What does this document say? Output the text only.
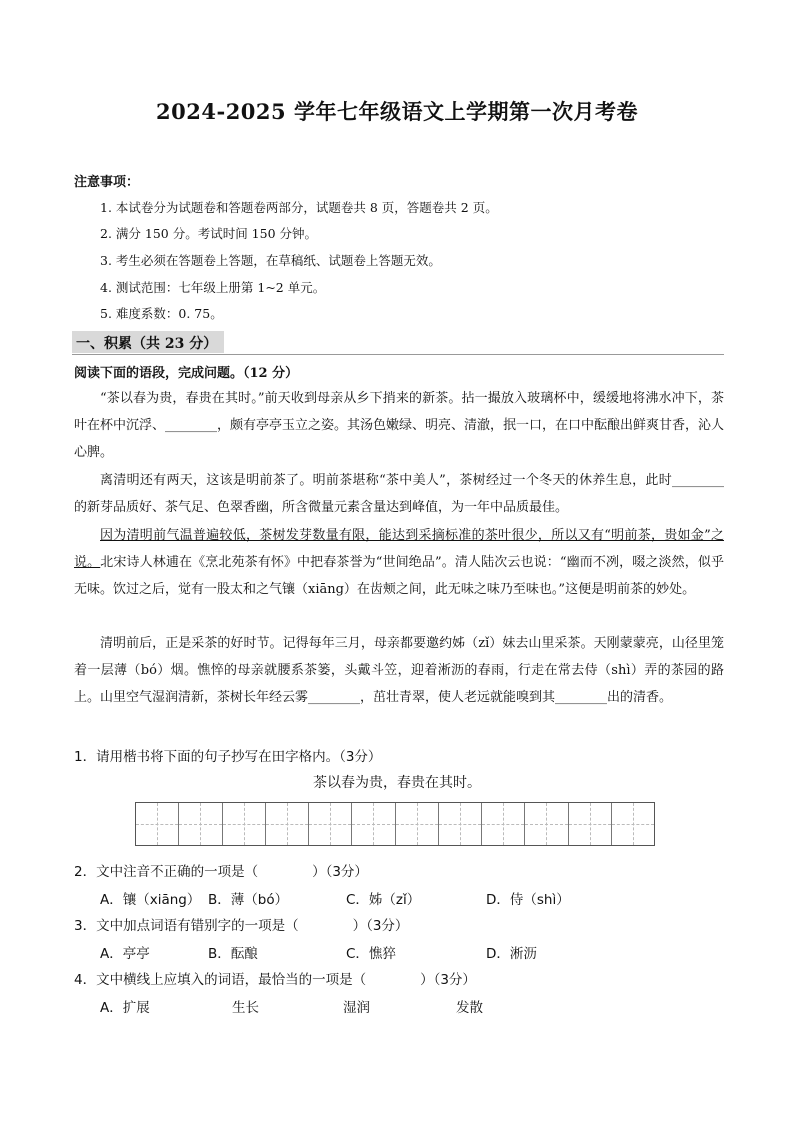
2024-2025 学年七年级语文上学期第一次月考卷
注意事项：
1. 本试卷分为试题卷和答题卷两部分，试题卷共 8 页，答题卷共 2 页。
2. 满分 150 分。考试时间 150 分钟。
3. 考生必须在答题卷上答题，在草稿纸、试题卷上答题无效。
4. 测试范围：七年级上册第 1~2 单元。
5. 难度系数：0. 75。
一、积累（共 23 分）
阅读下面的语段，完成问题。（12 分）
“茶以春为贵，春贵在其时。”前天收到母亲从乡下捎来的新茶。拈一撮放入玻璃杯中，缓缓地将沸水冲下，茶叶在杯中沉浮、________，颇有亭亭玉立之姿。其汤色嫩绿、明亮、清澈，抿一口，在口中酝酿出鲜爽甘香，沁人心脾。
离清明还有两天，这该是明前茶了。明前茶堪称“茶中美人”，茶树经过一个冬天的休养生息，此时________的新芽品质好、茶气足、色翠香幽，所含微量元素含量达到峰值，为一年中品质最佳。
因为清明前气温普遍较低，茶树发芽数量有限，能达到采摘标准的茶叶很少，所以又有“明前茶，贵如金”之说。北宋诗人林逋在《烹北苑茶有怀》中把春茶誉为“世间绝品”。清人陆次云也说：“幽而不冽，啜之淡然，似乎无味。饮过之后，觉有一股太和之气镶（xiāng）在齿颊之间，此无味之味乃至味也。”这便是明前茶的妙处。
清明前后，正是采茶的好时节。记得每年三月，母亲都要邀约姊（zǐ）妹去山里采茶。天刚蒙蒙亮，山径里笼着一层薄（bó）烟。憔悴的母亲就腰系茶篓，头戴斗笠，迎着淅沥的春雨，行走在常去侍（shì）弄的茶园的路上。山里空气湿润清新，茶树长年经云雾________，茁壮青翠，使人老远就能嗅到其________出的清香。
1．请用楷书将下面的句子抄写在田字格内。（3分）
茶以春为贵，春贵在其时。
2．文中注音不正确的一项是（　　　　）（3分）
A．镶（xiāng） B．薄（bó）	C．姊（zǐ）	D．侍（shì）
3．文中加点词语有错别字的一项是（　　　　）（3分）
A．亭亭	B．酝酿	C．憔猝	D．淅沥
4．文中横线上应填入的词语，最恰当的一项是（　　　　）（3分）
A．扩展	生长	湿润	发散
